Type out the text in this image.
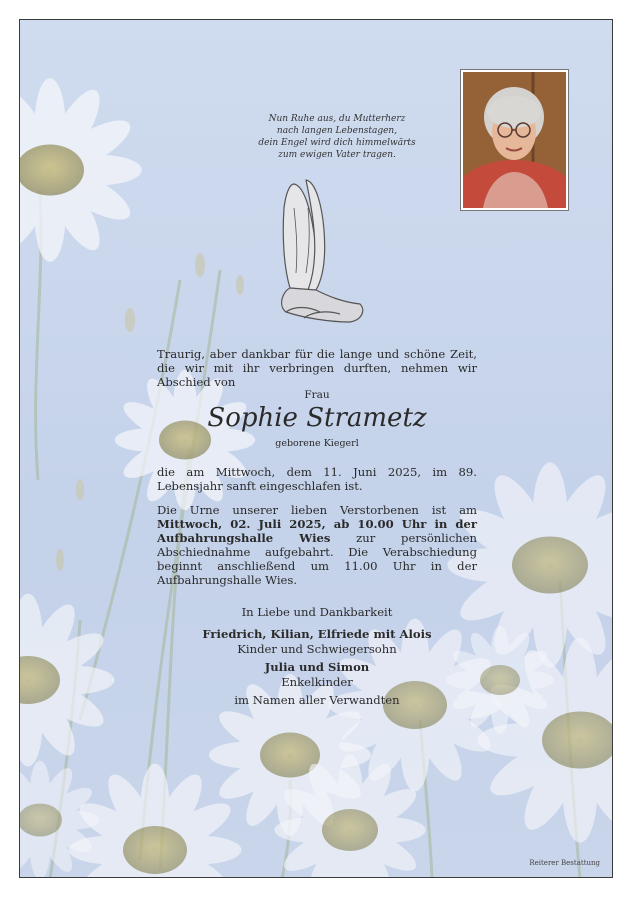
Nun Ruhe aus, du Mutterherz
nach langen Lebenstagen,
dein Engel wird dich himmelwärts
zum ewigen Vater tragen.
Traurig, aber dankbar für die lange und schöne Zeit, die wir mit ihr verbringen durften, nehmen wir Abschied von
Frau
Sophie Strametz
geborene Kiegerl
die am Mittwoch, dem 11. Juni 2025, im 89. Lebensjahr sanft eingeschlafen ist.
Die Urne unserer lieben Verstorbenen ist am Mittwoch, 02. Juli 2025, ab 10.00 Uhr in der Aufbahrungshalle Wies zur persönlichen Abschiednahme aufgebahrt. Die Verabschiedung beginnt anschließend um 11.00 Uhr in der Aufbahrungshalle Wies.
In Liebe und Dankbarkeit
Friedrich, Kilian, Elfriede mit Alois
Kinder und Schwiegersohn
Julia und Simon
Enkelkinder
im Namen aller Verwandten
Reiterer Bestattung
